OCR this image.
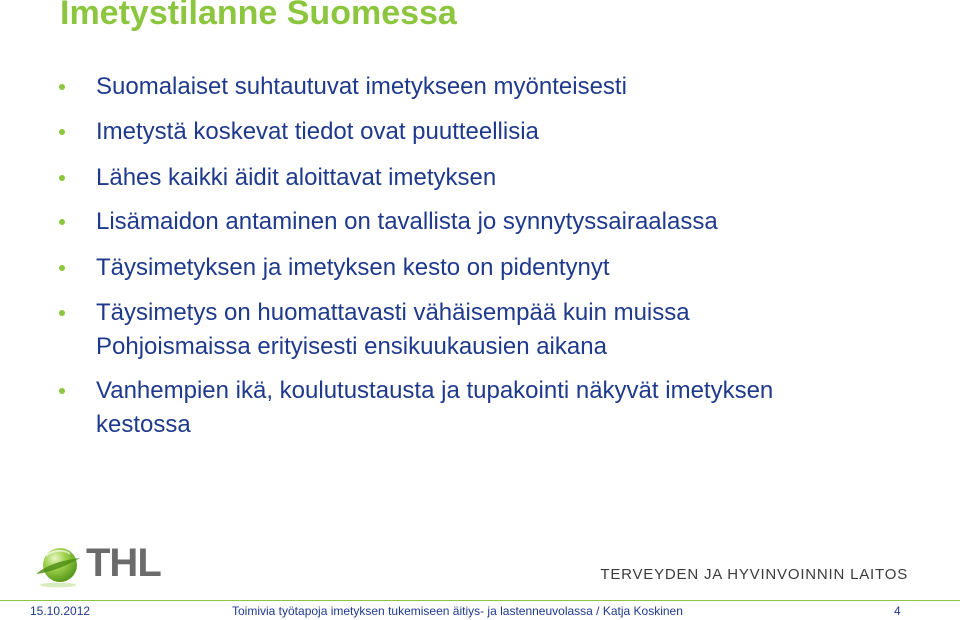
Imetystilanne Suomessa
Suomalaiset suhtautuvat imetykseen myönteisesti
Imetystä koskevat tiedot ovat puutteellisia
Lähes kaikki äidit aloittavat imetyksen
Lisämaidon antaminen on tavallista jo synnytyssairaalassa
Täysimetyksen ja imetyksen kesto on pidentynyt
Täysimetys on huomattavasti vähäisempää kuin muissa Pohjoismaissa erityisesti ensikuukausien aikana
Vanhempien ikä, koulutustausta ja tupakointi näkyvät imetyksen kestossa
THL	TERVEYDEN JA HYVINVOINNIN LAITOS
15.10.2012	Toimivia työtapoja imetyksen tukemiseen äitiys- ja lastenneuvolassa / Katja Koskinen	4
